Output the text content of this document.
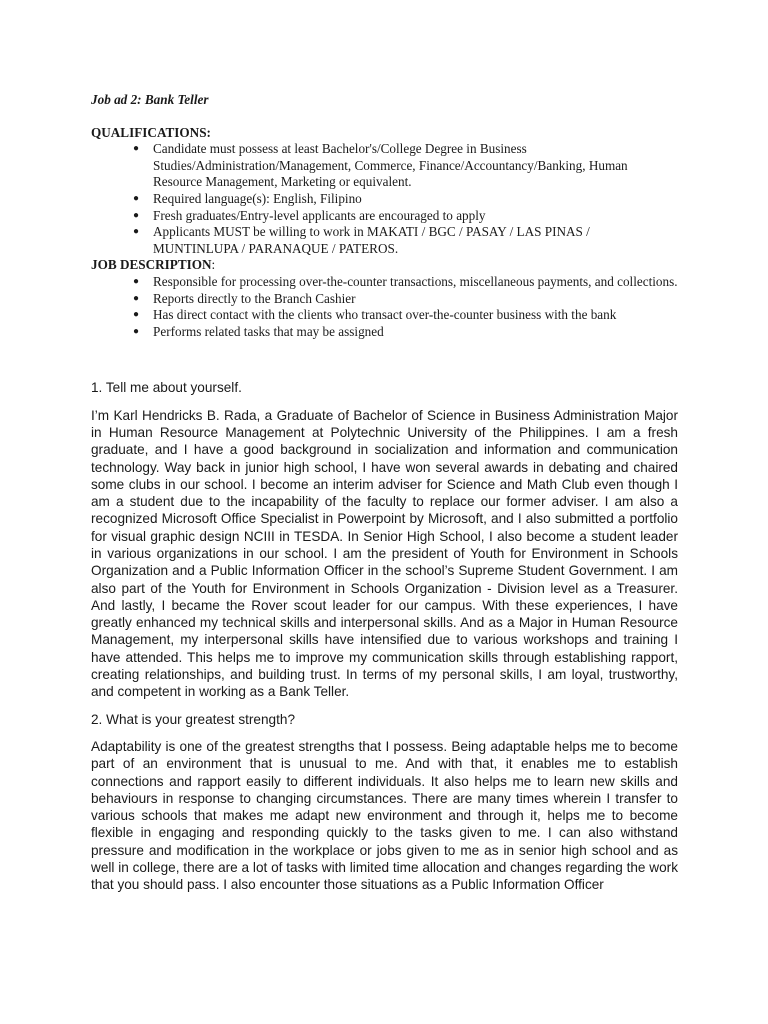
Job ad 2: Bank Teller

QUALIFICATIONS:

● Candidate must possess at least Bachelor's/College Degree in Business Studies/Administration/Management, Commerce, Finance/Accountancy/Banking, Human Resource Management, Marketing or equivalent.
● Required language(s): English, Filipino
● Fresh graduates/Entry-level applicants are encouraged to apply
● Applicants MUST be willing to work in MAKATI / BGC / PASAY / LAS PINAS / MUNTINLUPA / PARANAQUE / PATEROS.

JOB DESCRIPTION:

● Responsible for processing over-the-counter transactions, miscellaneous payments, and collections.
● Reports directly to the Branch Cashier
● Has direct contact with the clients who transact over-the-counter business with the bank
● Performs related tasks that may be assigned

1. Tell me about yourself.

I’m Karl Hendricks B. Rada, a Graduate of Bachelor of Science in Business Administration Major in Human Resource Management at Polytechnic University of the Philippines. I am a fresh graduate, and I have a good background in socialization and information and communication technology. Way back in junior high school, I have won several awards in debating and chaired some clubs in our school. I become an interim adviser for Science and Math Club even though I am a student due to the incapability of the faculty to replace our former adviser. I am also a recognized Microsoft Office Specialist in Powerpoint by Microsoft, and I also submitted a portfolio for visual graphic design NCIII in TESDA. In Senior High School, I also become a student leader in various organizations in our school. I am the president of Youth for Environment in Schools Organization and a Public Information Officer in the school’s Supreme Student Government. I am also part of the Youth for Environment in Schools Organization - Division level as a Treasurer. And lastly, I became the Rover scout leader for our campus. With these experiences, I have greatly enhanced my technical skills and interpersonal skills. And as a Major in Human Resource Management, my interpersonal skills have intensified due to various workshops and training I have attended. This helps me to improve my communication skills through establishing rapport, creating relationships, and building trust. In terms of my personal skills, I am loyal, trustworthy, and competent in working as a Bank Teller.

2. What is your greatest strength?

Adaptability is one of the greatest strengths that I possess. Being adaptable helps me to become part of an environment that is unusual to me. And with that, it enables me to establish connections and rapport easily to different individuals. It also helps me to learn new skills and behaviours in response to changing circumstances. There are many times wherein I transfer to various schools that makes me adapt new environment and through it, helps me to become flexible in engaging and responding quickly to the tasks given to me. I can also withstand pressure and modification in the workplace or jobs given to me as in senior high school and as well in college, there are a lot of tasks with limited time allocation and changes regarding the work that you should pass. I also encounter those situations as a Public Information Officer
